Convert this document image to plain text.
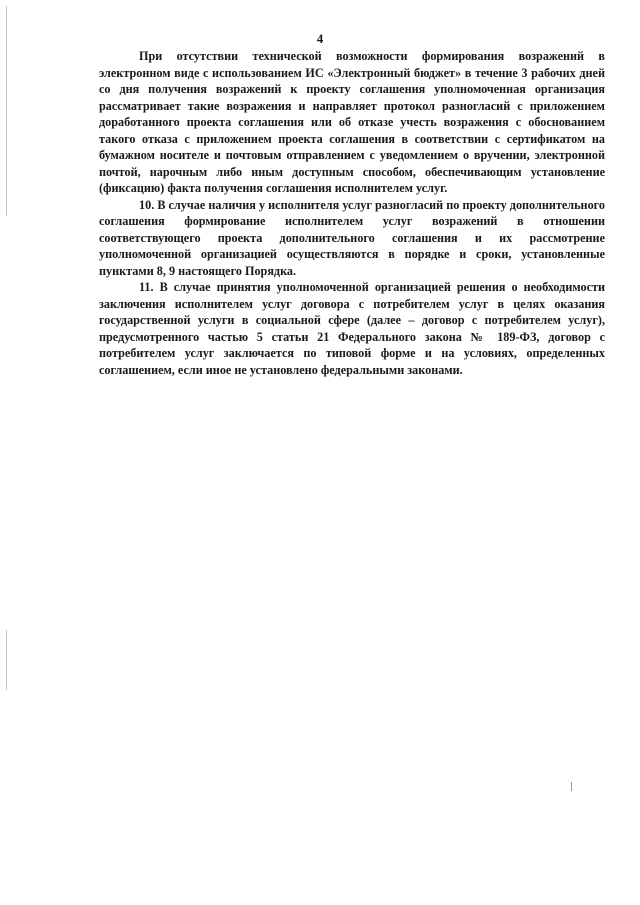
4

При отсутствии технической возможности формирования возражений в электронном виде с использованием ИС «Электронный бюджет» в течение 3 рабочих дней со дня получения возражений к проекту соглашения уполномоченная организация рассматривает такие возражения и направляет протокол разногласий с приложением доработанного проекта соглашения или об отказе учесть возражения с обоснованием такого отказа с приложением проекта соглашения в соответствии с сертификатом на бумажном носителе и почтовым отправлением с уведомлением о вручении, электронной почтой, нарочным либо иным доступным способом, обеспечивающим установление (фиксацию) факта получения соглашения исполнителем услуг.

10. В случае наличия у исполнителя услуг разногласий по проекту дополнительного соглашения формирование исполнителем услуг возражений в отношении соответствующего проекта дополнительного соглашения и их рассмотрение уполномоченной организацией осуществляются в порядке и сроки, установленные пунктами 8, 9 настоящего Порядка.

11. В случае принятия уполномоченной организацией решения о необходимости заключения исполнителем услуг договора с потребителем услуг в целях оказания государственной услуги в социальной сфере (далее – договор с потребителем услуг), предусмотренного частью 5 статьи 21 Федерального закона № 189-ФЗ, договор с потребителем услуг заключается по типовой форме и на условиях, определенных соглашением, если иное не установлено федеральными законами.
